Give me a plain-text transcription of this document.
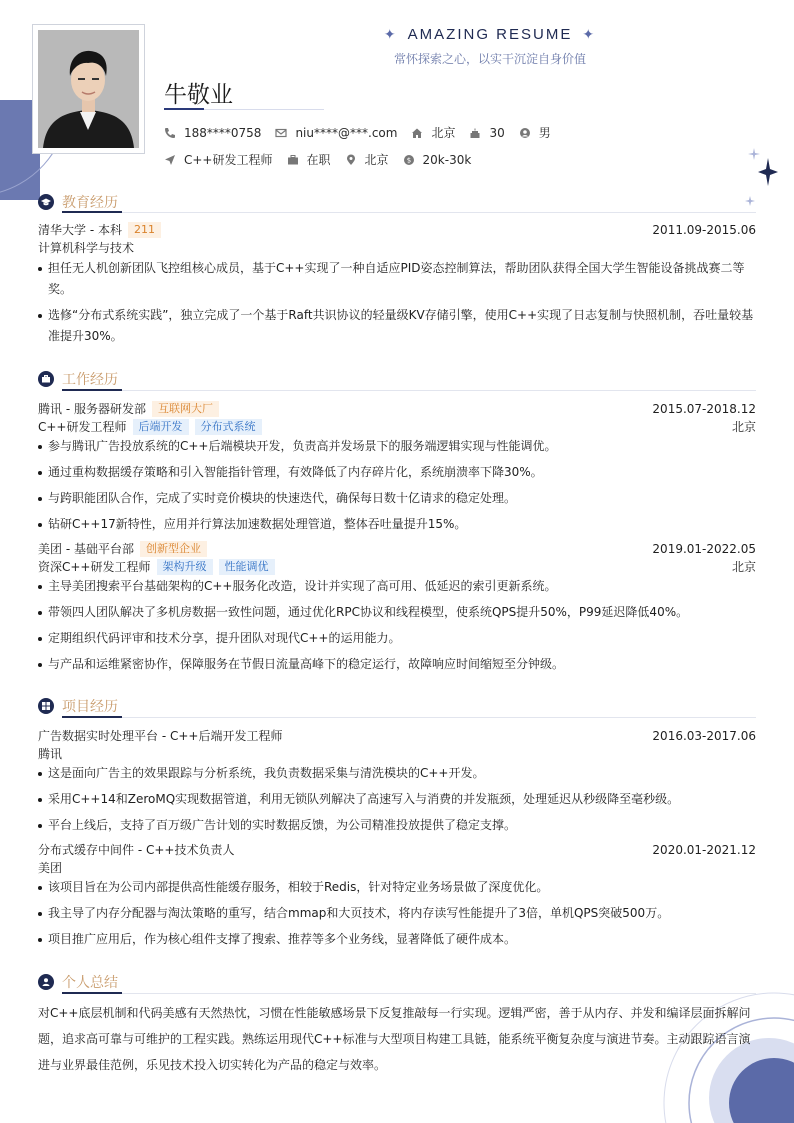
✦ AMAZING RESUME ✦
常怀探索之心，以实干沉淀自身价值
牛敬业
188****0758	niu****@***.com	北京	30	男
C++研发工程师	在职	北京	$ 20k-30k
教育经历
清华大学 - 本科	211	2011.09-2015.06
计算机科学与技术
担任无人机创新团队飞控组核心成员，基于C++实现了一种自适应PID姿态控制算法，帮助团队获得全国大学生智能设备挑战赛二等奖。
选修“分布式系统实践”，独立完成了一个基于Raft共识协议的轻量级KV存储引擎，使用C++实现了日志复制与快照机制，吞吐量较基准提升30%。
工作经历
腾讯 - 服务器研发部	互联网大厂	2015.07-2018.12
C++研发工程师	后端开发	分布式系统	北京
参与腾讯广告投放系统的C++后端模块开发，负责高并发场景下的服务端逻辑实现与性能调优。
通过重构数据缓存策略和引入智能指针管理，有效降低了内存碎片化，系统崩溃率下降30%。
与跨职能团队合作，完成了实时竞价模块的快速迭代，确保每日数十亿请求的稳定处理。
钻研C++17新特性，应用并行算法加速数据处理管道，整体吞吐量提升15%。
美团 - 基础平台部	创新型企业	2019.01-2022.05
资深C++研发工程师	架构升级	性能调优	北京
主导美团搜索平台基础架构的C++服务化改造，设计并实现了高可用、低延迟的索引更新系统。
带领四人团队解决了多机房数据一致性问题，通过优化RPC协议和线程模型，使系统QPS提升50%，P99延迟降低40%。
定期组织代码评审和技术分享，提升团队对现代C++的运用能力。
与产品和运维紧密协作，保障服务在节假日流量高峰下的稳定运行，故障响应时间缩短至分钟级。
项目经历
广告数据实时处理平台 - C++后端开发工程师	2016.03-2017.06
腾讯
这是面向广告主的效果跟踪与分析系统，我负责数据采集与清洗模块的C++开发。
采用C++14和ZeroMQ实现数据管道，利用无锁队列解决了高速写入与消费的并发瓶颈，处理延迟从秒级降至毫秒级。
平台上线后，支持了百万级广告计划的实时数据反馈，为公司精准投放提供了稳定支撑。
分布式缓存中间件 - C++技术负责人	2020.01-2021.12
美团
该项目旨在为公司内部提供高性能缓存服务，相较于Redis，针对特定业务场景做了深度优化。
我主导了内存分配器与淘汰策略的重写，结合mmap和大页技术，将内存读写性能提升了3倍，单机QPS突破500万。
项目推广应用后，作为核心组件支撑了搜索、推荐等多个业务线，显著降低了硬件成本。
个人总结
对C++底层机制和代码美感有天然热忱，习惯在性能敏感场景下反复推敲每一行实现。逻辑严密，善于从内存、并发和编译层面拆解问题，追求高可靠与可维护的工程实践。熟练运用现代C++标准与大型项目构建工具链，能系统平衡复杂度与演进节奏。主动跟踪语言演进与业界最佳范例，乐见技术投入切实转化为产品的稳定与效率。
